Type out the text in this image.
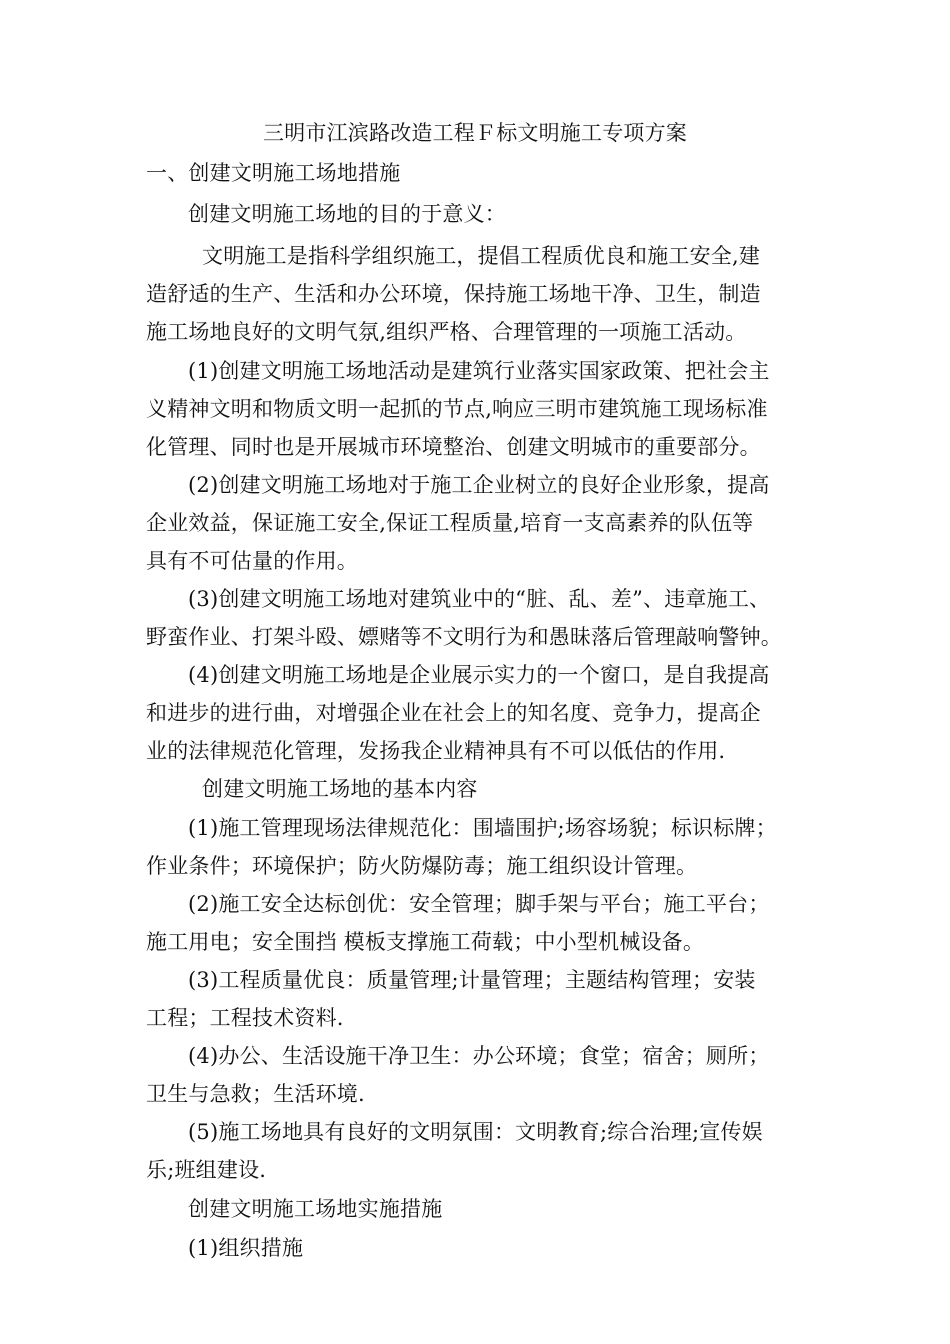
三明市江滨路改造工程Ｆ标文明施工专项方案
一、创建文明施工场地措施
创建文明施工场地的目的于意义：
文明施工是指科学组织施工，提倡工程质优良和施工安全,建
造舒适的生产、生活和办公环境，保持施工场地干净、卫生，制造
施工场地良好的文明气氛,组织严格、合理管理的一项施工活动。
(1)创建文明施工场地活动是建筑行业落实国家政策、把社会主
义精神文明和物质文明一起抓的节点,响应三明市建筑施工现场标准
化管理、同时也是开展城市环境整治、创建文明城市的重要部分。
(2)创建文明施工场地对于施工企业树立的良好企业形象，提高
企业效益，保证施工安全,保证工程质量,培育一支高素养的队伍等
具有不可估量的作用。
(3)创建文明施工场地对建筑业中的“脏、乱、差”、违章施工、
野蛮作业、打架斗殴、嫖赌等不文明行为和愚昧落后管理敲响警钟。
(4)创建文明施工场地是企业展示实力的一个窗口，是自我提高
和进步的进行曲，对增强企业在社会上的知名度、竞争力，提高企
业的法律规范化管理，发扬我企业精神具有不可以低估的作用.
创建文明施工场地的基本内容
(1)施工管理现场法律规范化：围墙围护;场容场貌；标识标牌；
作业条件；环境保护；防火防爆防毒；施工组织设计管理。
(2)施工安全达标创优：安全管理；脚手架与平台；施工平台；
施工用电；安全围挡 模板支撑施工荷载；中小型机械设备。
(3)工程质量优良：质量管理;计量管理；主题结构管理；安装
工程；工程技术资料.
(4)办公、生活设施干净卫生：办公环境；食堂；宿舍；厕所；
卫生与急救；生活环境.
(5)施工场地具有良好的文明氛围：文明教育;综合治理;宣传娱
乐;班组建设.
创建文明施工场地实施措施
(1)组织措施
